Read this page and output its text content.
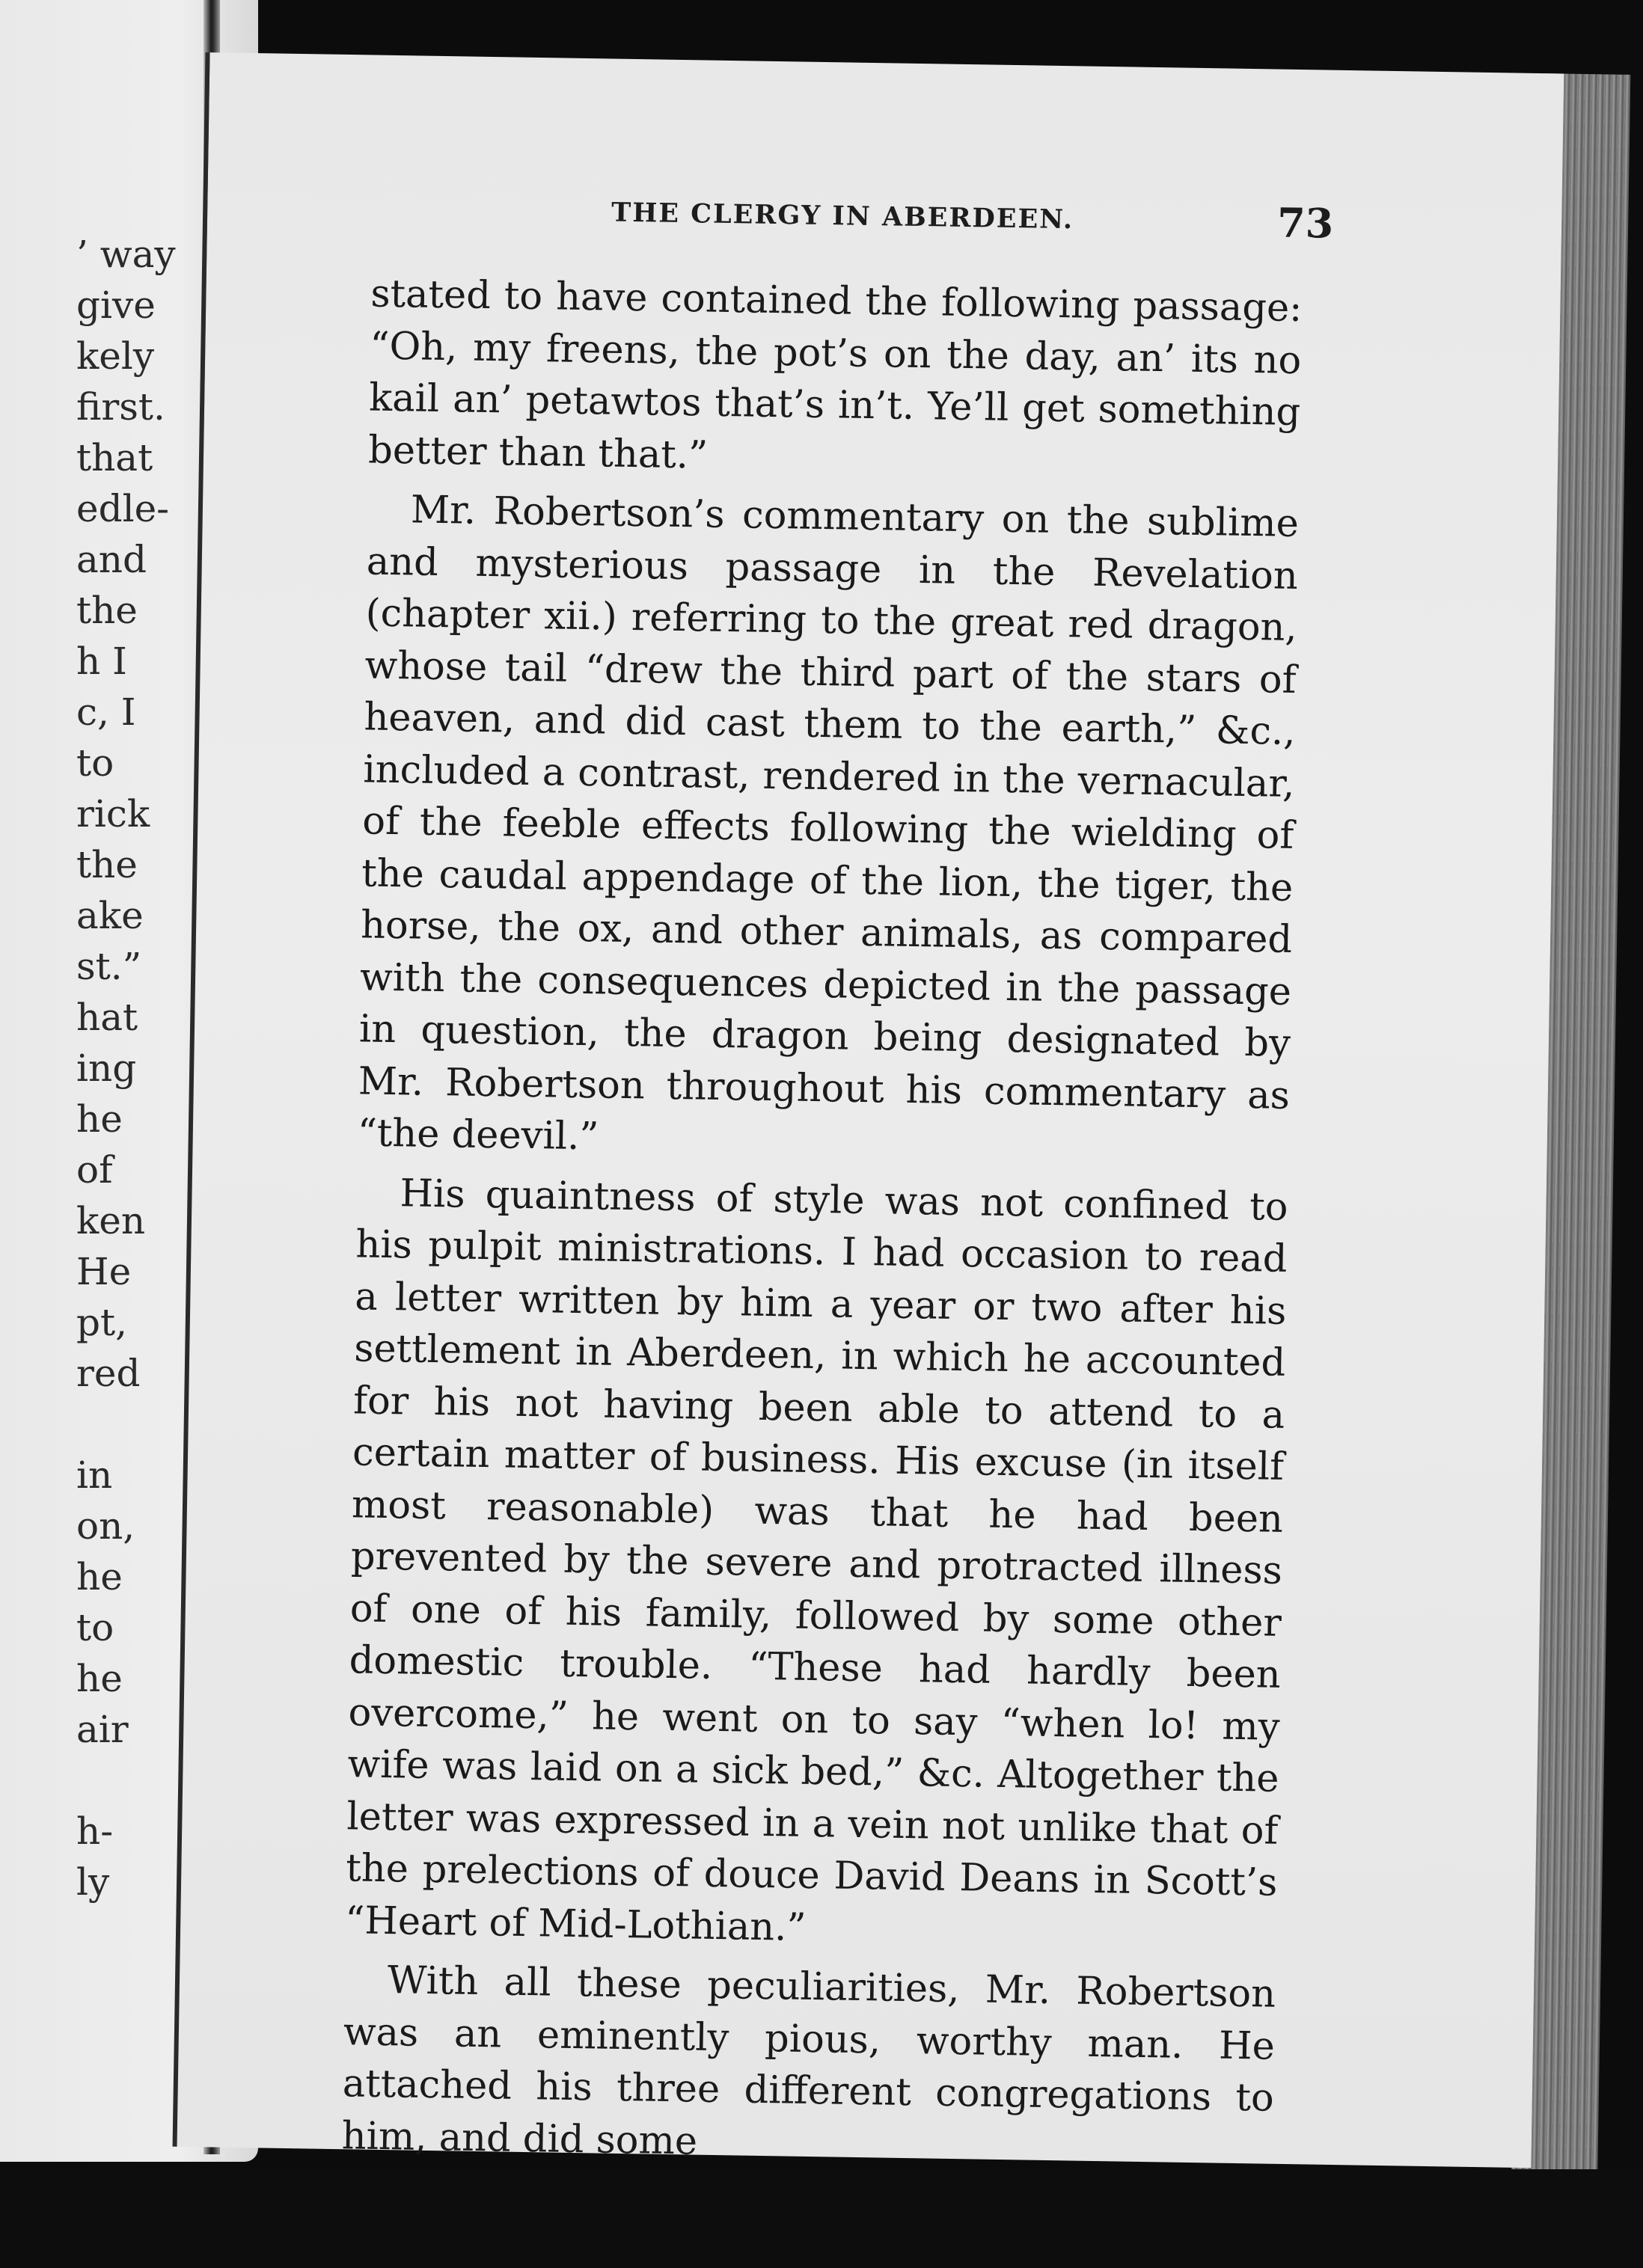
’ way
give
kely
first.
that
edle-
and
the
h I
c, I
to
rick
the
ake
st.”
hat
ing
he
of
ken
He
pt,
red
in
on,
he
to
he
air
h-
ly
THE CLERGY IN ABERDEEN.	73

stated to have contained the following passage: “Oh, my freens, the pot’s on the day, an’ its no kail an’ petawtos that’s in’t. Ye’ll get something better than that.”

Mr. Robertson’s commentary on the sublime and mysterious passage in the Revelation (chapter xii.) referring to the great red dragon, whose tail “drew the third part of the stars of heaven, and did cast them to the earth,” &c., included a contrast, rendered in the vernacular, of the feeble effects following the wielding of the caudal appendage of the lion, the tiger, the horse, the ox, and other animals, as compared with the consequences depicted in the passage in question, the dragon being designated by Mr. Robertson throughout his commentary as “the deevil.”

His quaintness of style was not confined to his pulpit ministrations. I had occasion to read a letter written by him a year or two after his settlement in Aberdeen, in which he accounted for his not having been able to attend to a certain matter of business. His excuse (in itself most reasonable) was that he had been prevented by the severe and protracted illness of one of his family, followed by some other domestic trouble. “These had hardly been overcome,” he went on to say “when lo! my wife was laid on a sick bed,” &c. Altogether the letter was expressed in a vein not unlike that of the prelections of douce David Deans in Scott’s “Heart of Mid-Lothian.”

With all these peculiarities, Mr. Robertson was an eminently pious, worthy man. He attached his three different congregations to him, and did some
